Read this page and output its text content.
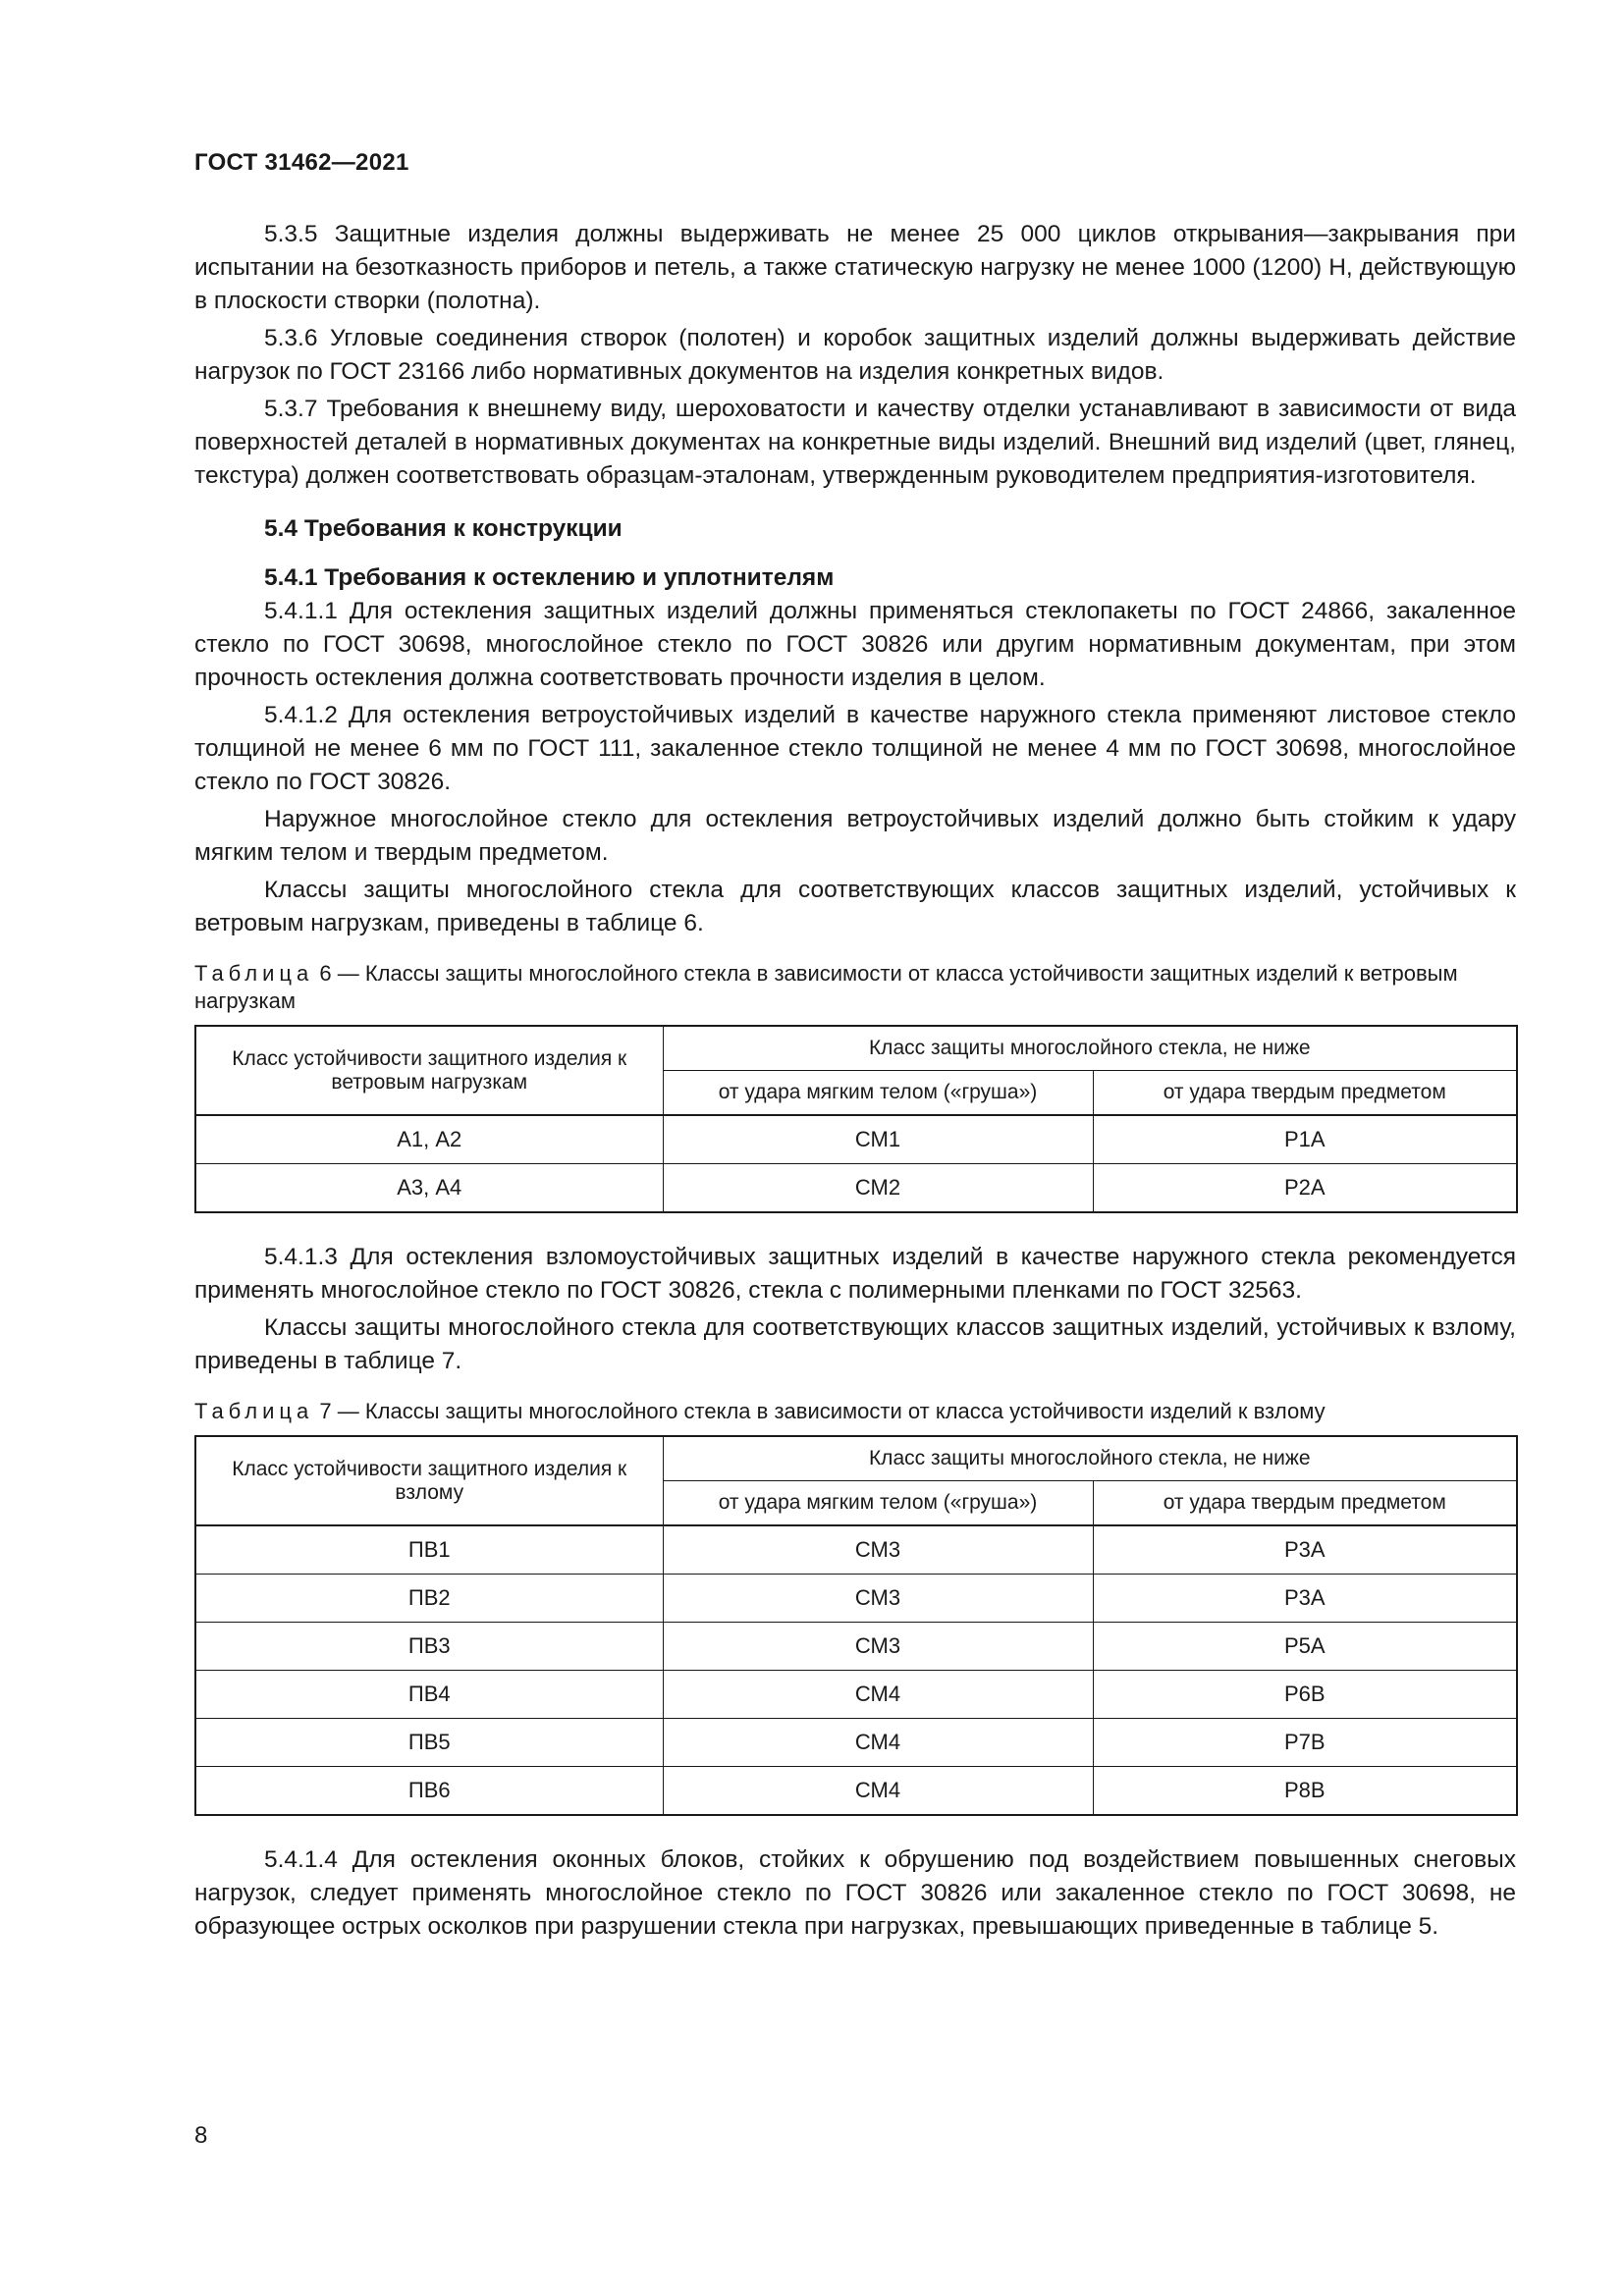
ГОСТ 31462—2021

5.3.5 Защитные изделия должны выдерживать не менее 25 000 циклов открывания—закрывания при испытании на безотказность приборов и петель, а также статическую нагрузку не менее 1000 (1200) Н, действующую в плоскости створки (полотна).

5.3.6 Угловые соединения створок (полотен) и коробок защитных изделий должны выдерживать действие нагрузок по ГОСТ 23166 либо нормативных документов на изделия конкретных видов.

5.3.7 Требования к внешнему виду, шероховатости и качеству отделки устанавливают в зависимости от вида поверхностей деталей в нормативных документах на конкретные виды изделий. Внешний вид изделий (цвет, глянец, текстура) должен соответствовать образцам-эталонам, утвержденным руководителем предприятия-изготовителя.

5.4 Требования к конструкции

5.4.1 Требования к остеклению и уплотнителям

5.4.1.1 Для остекления защитных изделий должны применяться стеклопакеты по ГОСТ 24866, закаленное стекло по ГОСТ 30698, многослойное стекло по ГОСТ 30826 или другим нормативным документам, при этом прочность остекления должна соответствовать прочности изделия в целом.

5.4.1.2 Для остекления ветроустойчивых изделий в качестве наружного стекла применяют листовое стекло толщиной не менее 6 мм по ГОСТ 111, закаленное стекло толщиной не менее 4 мм по ГОСТ 30698, многослойное стекло по ГОСТ 30826.

Наружное многослойное стекло для остекления ветроустойчивых изделий должно быть стойким к удару мягким телом и твердым предметом.

Классы защиты многослойного стекла для соответствующих классов защитных изделий, устойчивых к ветровым нагрузкам, приведены в таблице 6.

Таблица 6 — Классы защиты многослойного стекла в зависимости от класса устойчивости защитных изделий к ветровым нагрузкам
Класс устойчивости защитного изделия к ветровым нагрузкам	Класс защиты многослойного стекла, не ниже	
	от удара мягким телом («груша»)	от удара твердым предметом
А1, А2	СМ1	Р1А
А3, А4	СМ2	Р2А

5.4.1.3 Для остекления взломоустойчивых защитных изделий в качестве наружного стекла рекомендуется применять многослойное стекло по ГОСТ 30826, стекла с полимерными пленками по ГОСТ 32563.

Классы защиты многослойного стекла для соответствующих классов защитных изделий, устойчивых к взлому, приведены в таблице 7.

Таблица 7 — Классы защиты многослойного стекла в зависимости от класса устойчивости изделий к взлому
Класс устойчивости защитного изделия к взлому	Класс защиты многослойного стекла, не ниже	
	от удара мягким телом («груша»)	от удара твердым предметом
ПВ1	СМ3	Р3А
ПВ2	СМ3	Р3А
ПВ3	СМ3	Р5А
ПВ4	СМ4	Р6В
ПВ5	СМ4	Р7В
ПВ6	СМ4	Р8В

5.4.1.4 Для остекления оконных блоков, стойких к обрушению под воздействием повышенных снеговых нагрузок, следует применять многослойное стекло по ГОСТ 30826 или закаленное стекло по ГОСТ 30698, не образующее острых осколков при разрушении стекла при нагрузках, превышающих приведенные в таблице 5.

8
